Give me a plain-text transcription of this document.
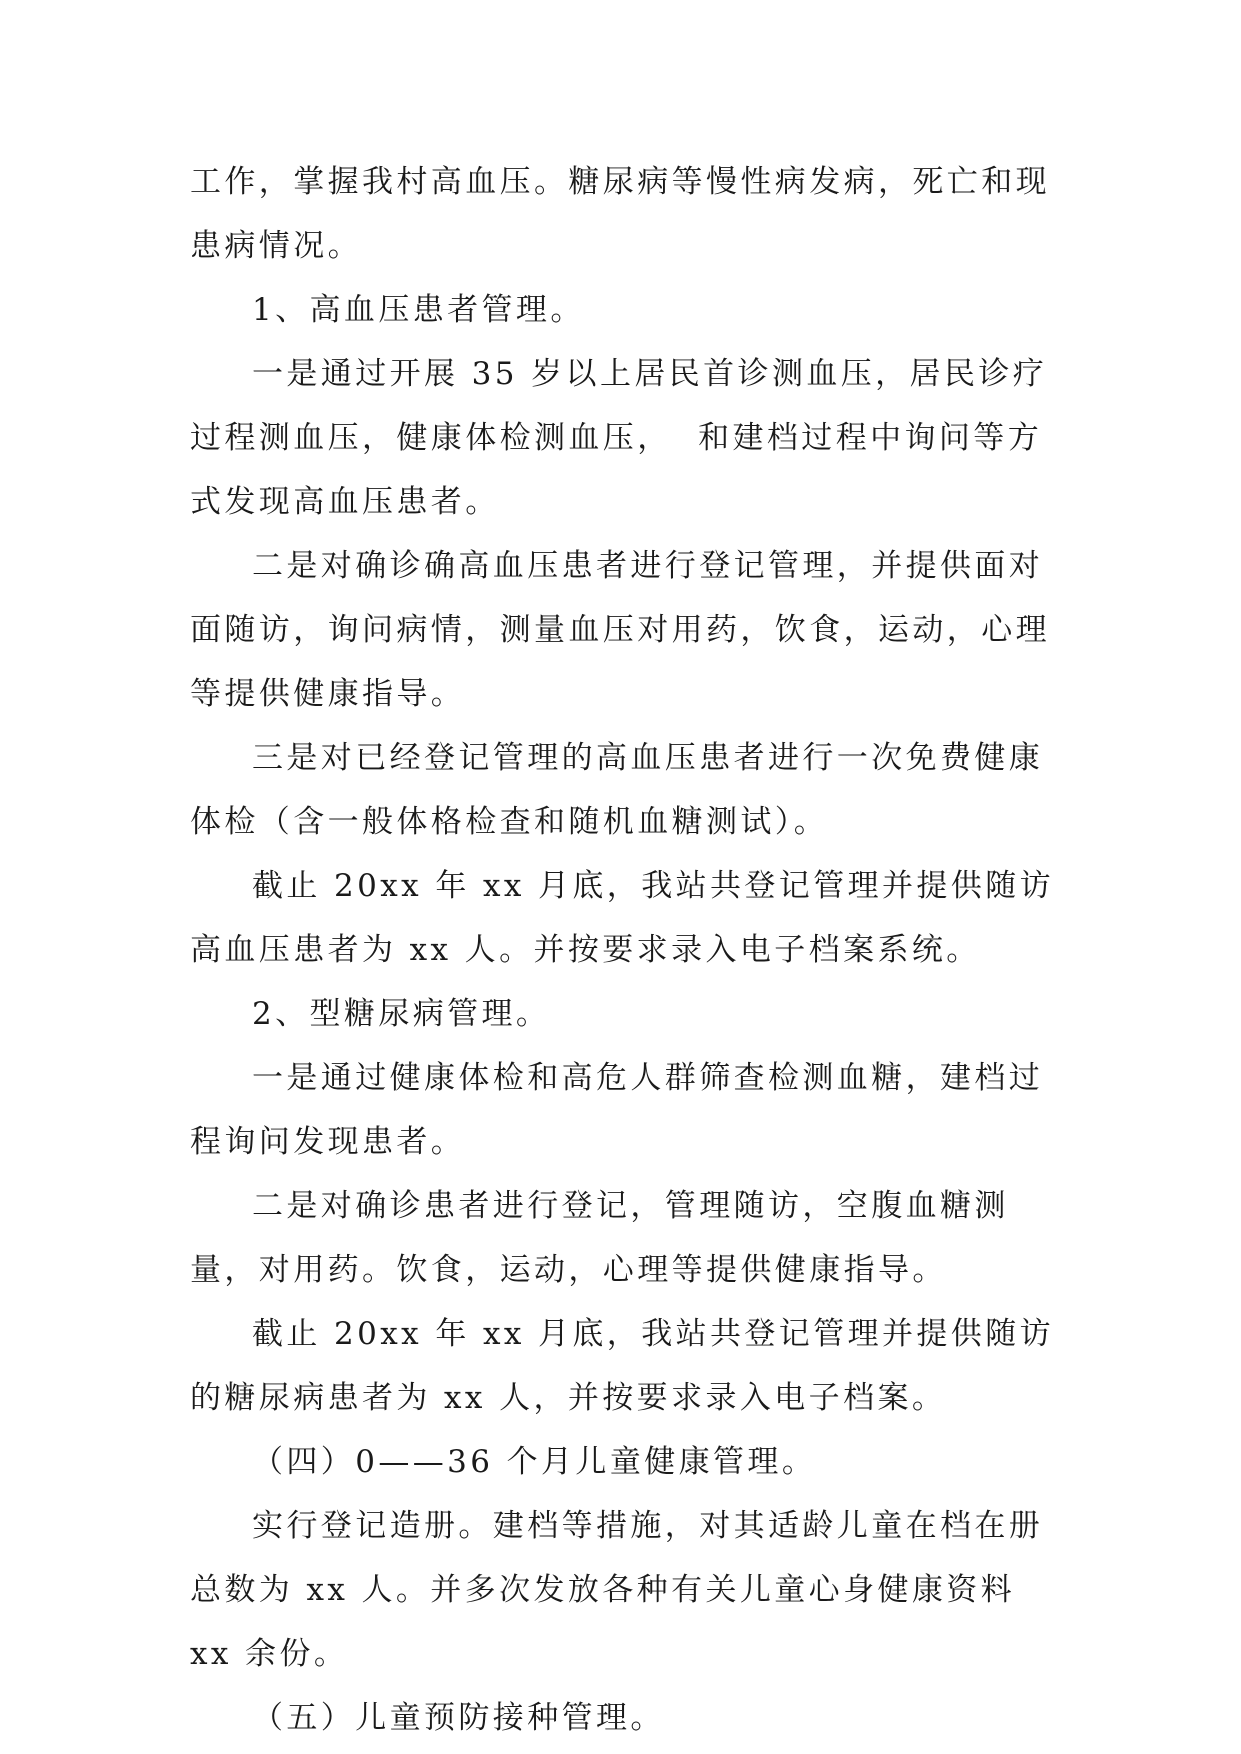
工作，掌握我村高血压。糖尿病等慢性病发病，死亡和现患病情况。

1、高血压患者管理。

一是通过开展 35 岁以上居民首诊测血压，居民诊疗过程测血压，健康体检测血压，  和建档过程中询问等方式发现高血压患者。

二是对确诊确高血压患者进行登记管理，并提供面对面随访，询问病情，测量血压对用药，饮食，运动，心理等提供健康指导。

三是对已经登记管理的高血压患者进行一次免费健康体检（含一般体格检查和随机血糖测试）。

截止 20xx 年 xx 月底，我站共登记管理并提供随访高血压患者为 xx 人。并按要求录入电子档案系统。

2、型糖尿病管理。

一是通过健康体检和高危人群筛查检测血糖，建档过程询问发现患者。

二是对确诊患者进行登记，管理随访，空腹血糖测量，对用药。饮食，运动，心理等提供健康指导。

截止 20xx 年 xx 月底，我站共登记管理并提供随访的糖尿病患者为 xx 人，并按要求录入电子档案。

（四）0——36 个月儿童健康管理。

实行登记造册。建档等措施，对其适龄儿童在档在册总数为 xx 人。并多次发放各种有关儿童心身健康资料 xx 余份。

（五）儿童预防接种管理。
